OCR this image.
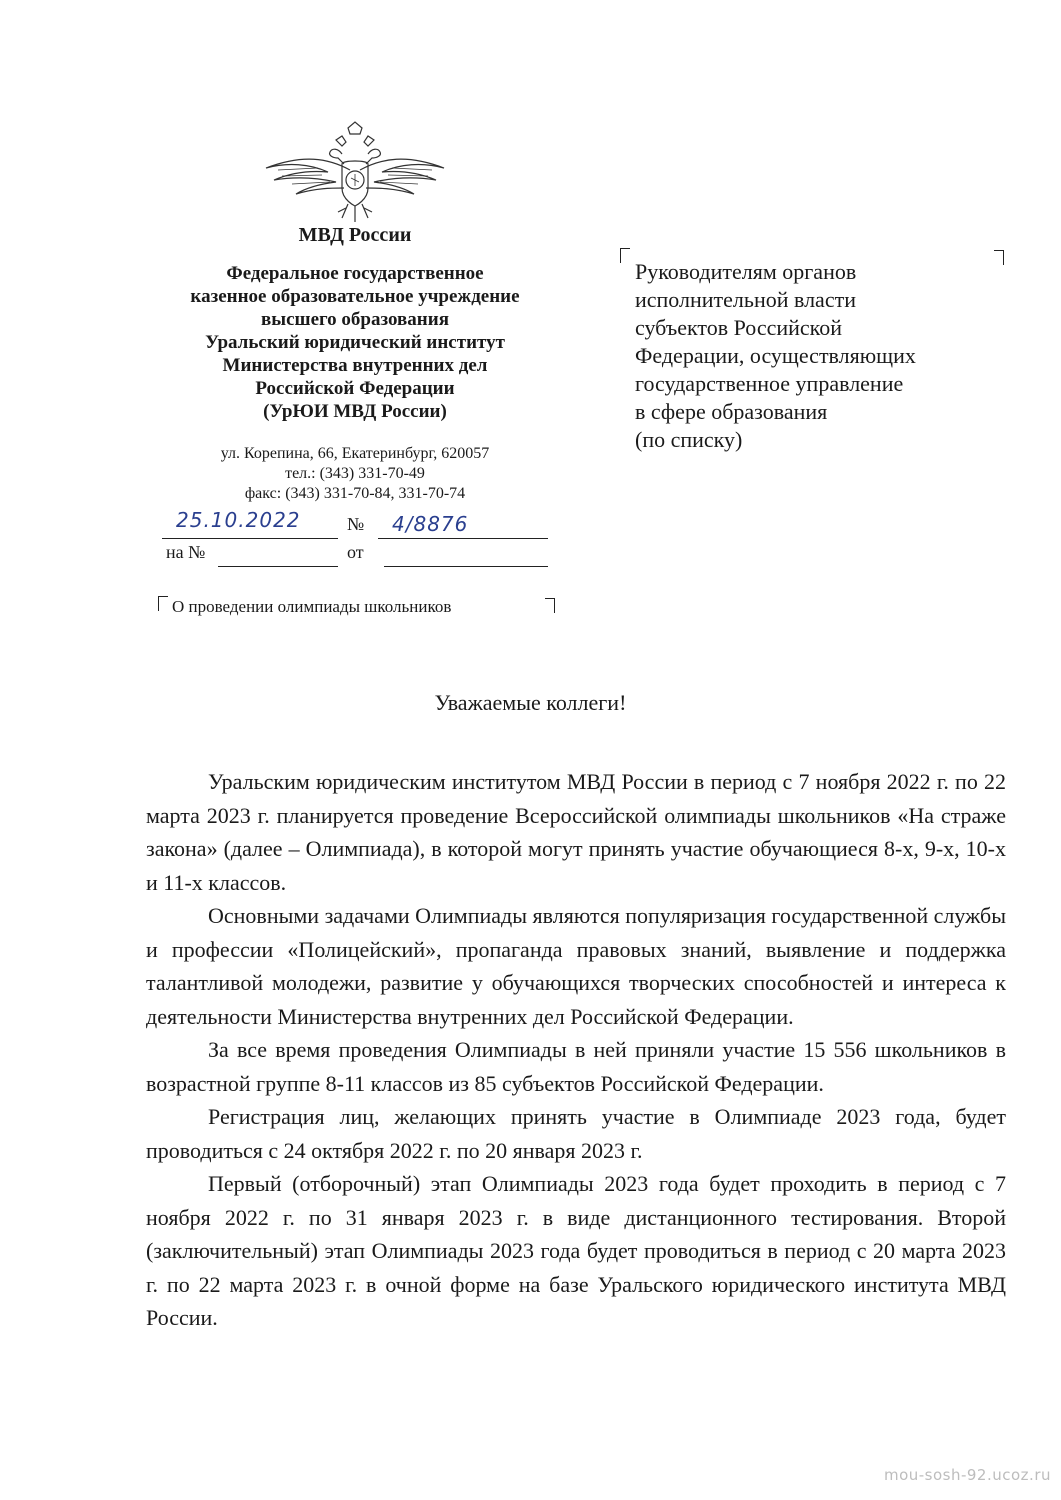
МВД России
Федеральное государственное
казенное образовательное учреждение
высшего образования
Уральский юридический институт
Министерства внутренних дел
Российской Федерации
(УрЮИ МВД России)
ул. Корепина, 66, Екатеринбург, 620057
тел.: (343) 331-70-49
факс: (343) 331-70-84, 331-70-74
25.10.2022	№ 4/8876
на №	от
О проведении олимпиады школьников
Руководителям органов
исполнительной власти
субъектов Российской
Федерации, осуществляющих
государственное управление
в сфере образования
(по списку)
Уважаемые коллеги!

Уральским юридическим институтом МВД России в период с 7 ноября 2022 г. по 22 марта 2023 г. планируется проведение Всероссийской олимпиады школьников «На страже закона» (далее – Олимпиада), в которой могут принять участие обучающиеся 8-х, 9-х, 10-х и 11-х классов.

Основными задачами Олимпиады являются популяризация государственной службы и профессии «Полицейский», пропаганда правовых знаний, выявление и поддержка талантливой молодежи, развитие у обучающихся творческих способностей и интереса к деятельности Министерства внутренних дел Российской Федерации.

За все время проведения Олимпиады в ней приняли участие 15 556 школьников в возрастной группе 8-11 классов из 85 субъектов Российской Федерации.

Регистрация лиц, желающих принять участие в Олимпиаде 2023 года, будет проводиться с 24 октября 2022 г. по 20 января 2023 г.

Первый (отборочный) этап Олимпиады 2023 года будет проходить в период с 7 ноября 2022 г. по 31 января 2023 г. в виде дистанционного тестирования. Второй (заключительный) этап Олимпиады 2023 года будет проводиться в период с 20 марта 2023 г. по 22 марта 2023 г. в очной форме на базе Уральского юридического института МВД России.

mou-sosh-92.ucoz.ru
